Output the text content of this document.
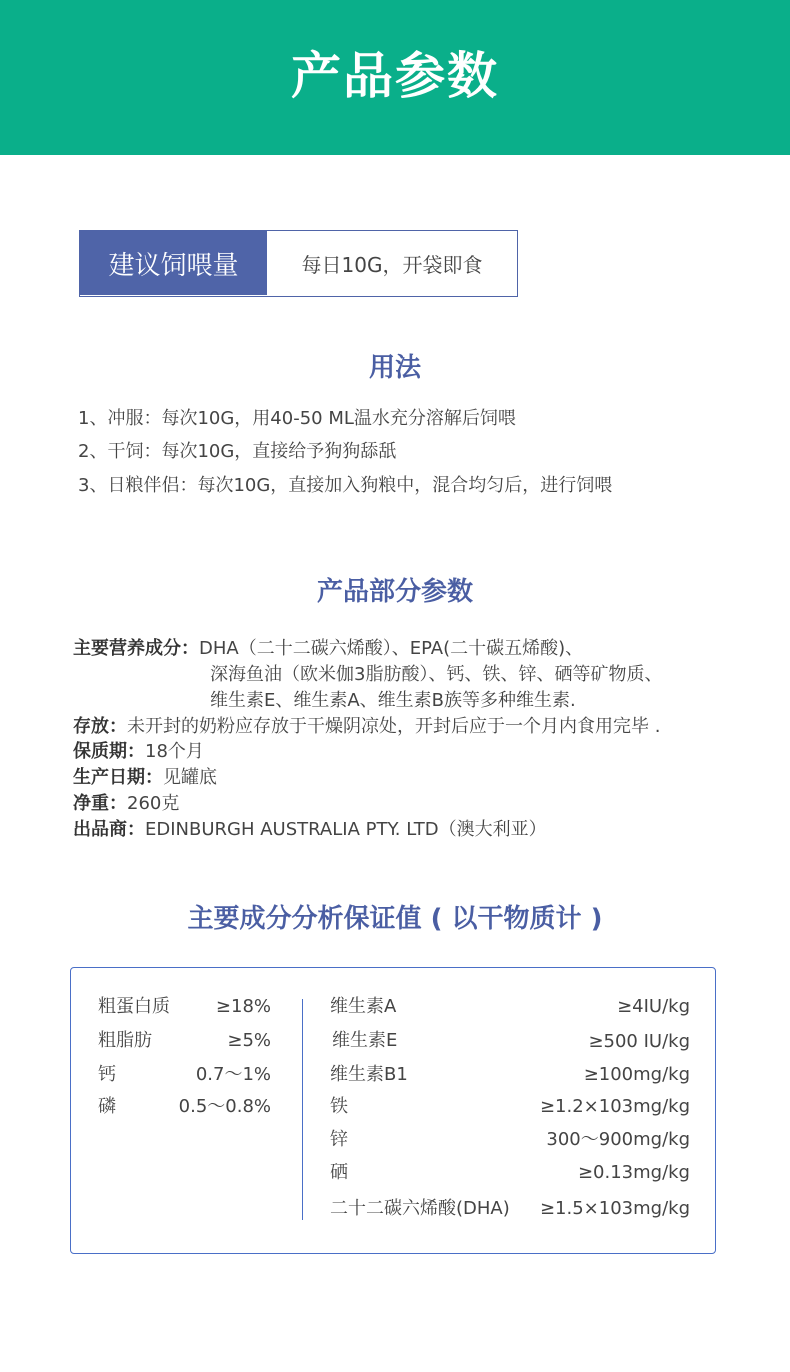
产品参数
建议饲喂量	每日10G，开袋即食
用法
1、冲服：每次10G，用40-50 ML温水充分溶解后饲喂
2、干饲：每次10G，直接给予狗狗舔舐
3、日粮伴侣：每次10G，直接加入狗粮中，混合均匀后，进行饲喂
产品部分参数
主要营养成分：DHA（二十二碳六烯酸）、EPA(二十碳五烯酸)、
深海鱼油（欧米伽3脂肪酸）、钙、铁、锌、硒等矿物质、
维生素E、维生素A、维生素B族等多种维生素.
存放：未开封的奶粉应存放于干燥阴凉处，开封后应于一个月内食用完毕 .
保质期：18个月
生产日期：见罐底
净重：260克
出品商：EDINBURGH AUSTRALIA PTY. LTD（澳大利亚）
主要成分分析保证值 ( 以干物质计 )
粗蛋白质	≥18%
粗脂肪	≥5%
钙	0.7～1%
磷	0.5～0.8%
维生素A	≥4IU/kg
维生素E	≥500 IU/kg
维生素B1	≥100mg/kg
铁	≥1.2×103mg/kg
锌	300～900mg/kg
硒	≥0.13mg/kg
二十二碳六烯酸(DHA)	≥1.5×103mg/kg
